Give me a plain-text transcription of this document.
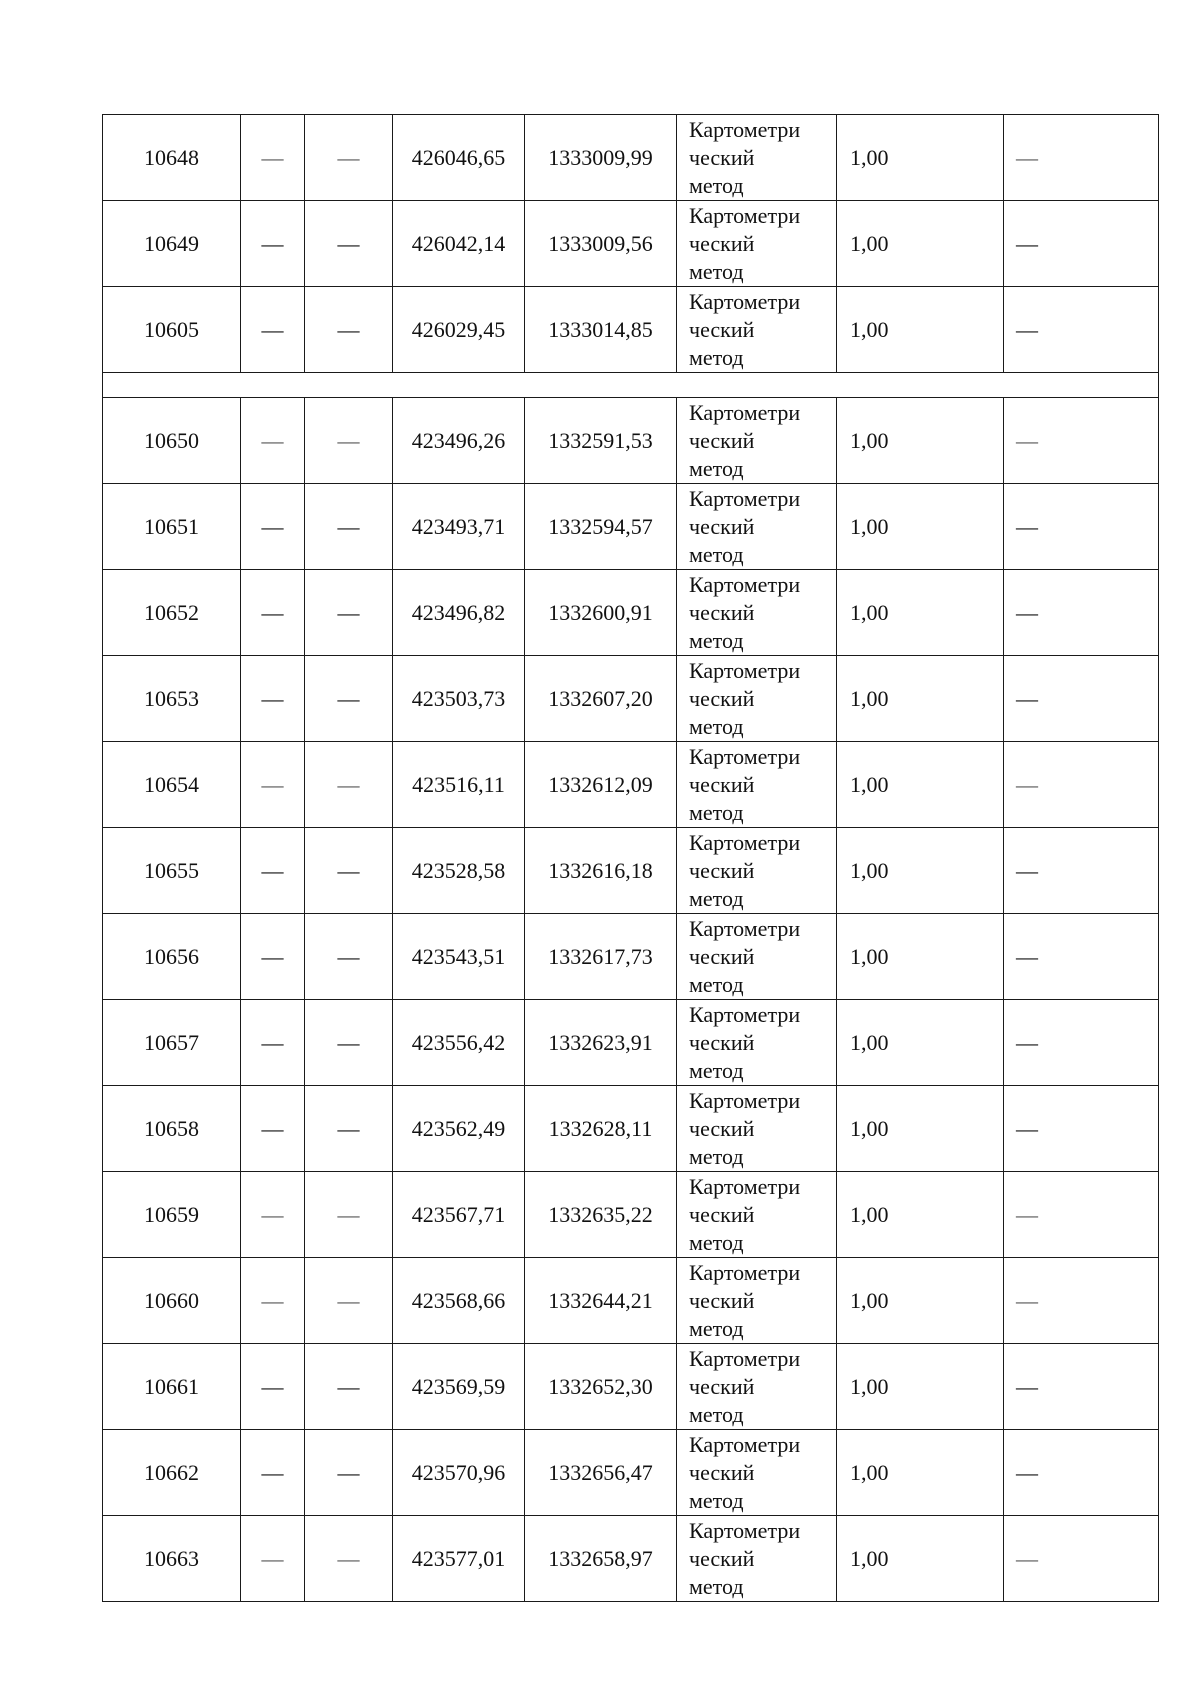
10648	—	—	426046,65	1333009,99	Картометри
ческий
метод	1,00	—
10649	—	—	426042,14	1333009,56	Картометри
ческий
метод	1,00	—
10605	—	—	426029,45	1333014,85	Картометри
ческий
метод	1,00	—

10650	—	—	423496,26	1332591,53	Картометри
ческий
метод	1,00	—
10651	—	—	423493,71	1332594,57	Картометри
ческий
метод	1,00	—
10652	—	—	423496,82	1332600,91	Картометри
ческий
метод	1,00	—
10653	—	—	423503,73	1332607,20	Картометри
ческий
метод	1,00	—
10654	—	—	423516,11	1332612,09	Картометри
ческий
метод	1,00	—
10655	—	—	423528,58	1332616,18	Картометри
ческий
метод	1,00	—
10656	—	—	423543,51	1332617,73	Картометри
ческий
метод	1,00	—
10657	—	—	423556,42	1332623,91	Картометри
ческий
метод	1,00	—
10658	—	—	423562,49	1332628,11	Картометри
ческий
метод	1,00	—
10659	—	—	423567,71	1332635,22	Картометри
ческий
метод	1,00	—
10660	—	—	423568,66	1332644,21	Картометри
ческий
метод	1,00	—
10661	—	—	423569,59	1332652,30	Картометри
ческий
метод	1,00	—
10662	—	—	423570,96	1332656,47	Картометри
ческий
метод	1,00	—
10663	—	—	423577,01	1332658,97	Картометри
ческий
метод	1,00	—
